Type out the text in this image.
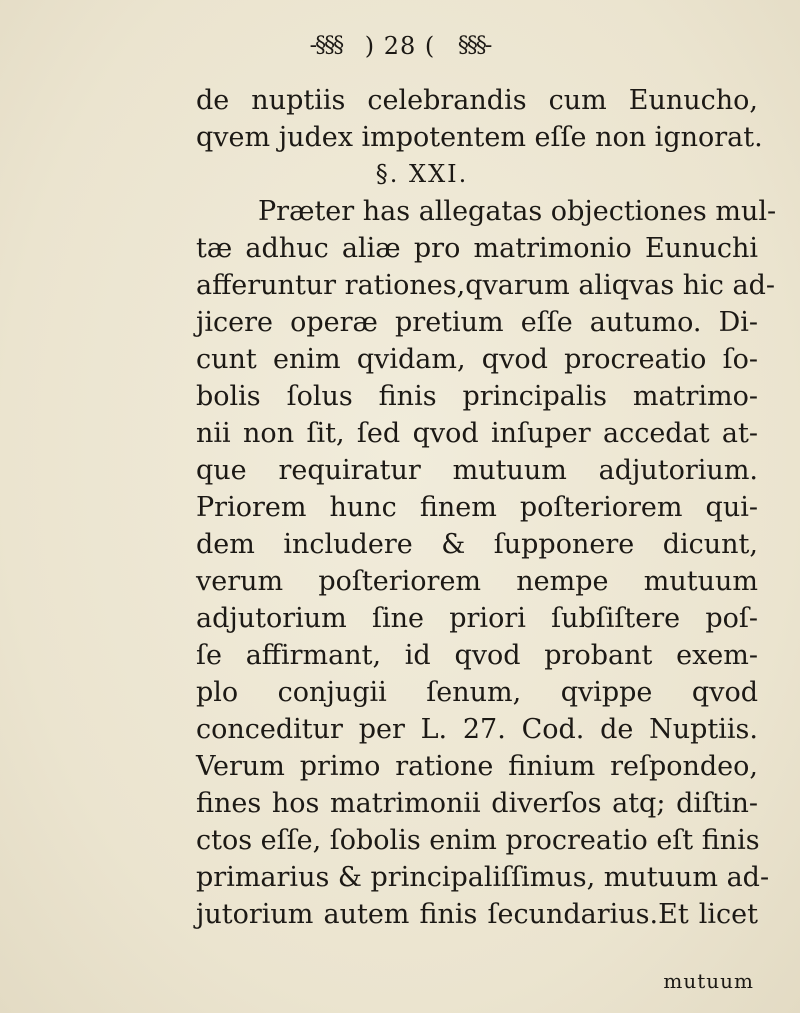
-§§§ ) 28 ( §§§-
de nuptiis celebrandis cum Eunucho,
qvem judex impotentem eſſe non ignorat.
§. XXI.
Præter has allegatas objectiones mul-
tæ adhuc aliæ pro matrimonio Eunuchi
afferuntur rationes,qvarum aliqvas hic ad-
jicere operæ pretium eſſe autumo. Di-
cunt enim qvidam, qvod procreatio ſo-
bolis ſolus finis principalis matrimo-
nii non ſit, ſed qvod inſuper accedat at-
que requiratur mutuum adjutorium.
Priorem hunc finem poſteriorem qui-
dem includere & ſupponere dicunt,
verum poſteriorem nempe mutuum
adjutorium ſine priori ſubſiſtere poſ-
ſe affirmant, id qvod probant exem-
plo conjugii ſenum, qvippe qvod
conceditur per L. 27. Cod. de Nuptiis.
Verum primo ratione finium reſpondeo,
fines hos matrimonii diverſos atq; diſtin-
ctos eſſe, ſobolis enim procreatio eſt finis
primarius & principaliſſimus, mutuum ad-
jutorium autem finis ſecundarius.Et licet
mutuum
